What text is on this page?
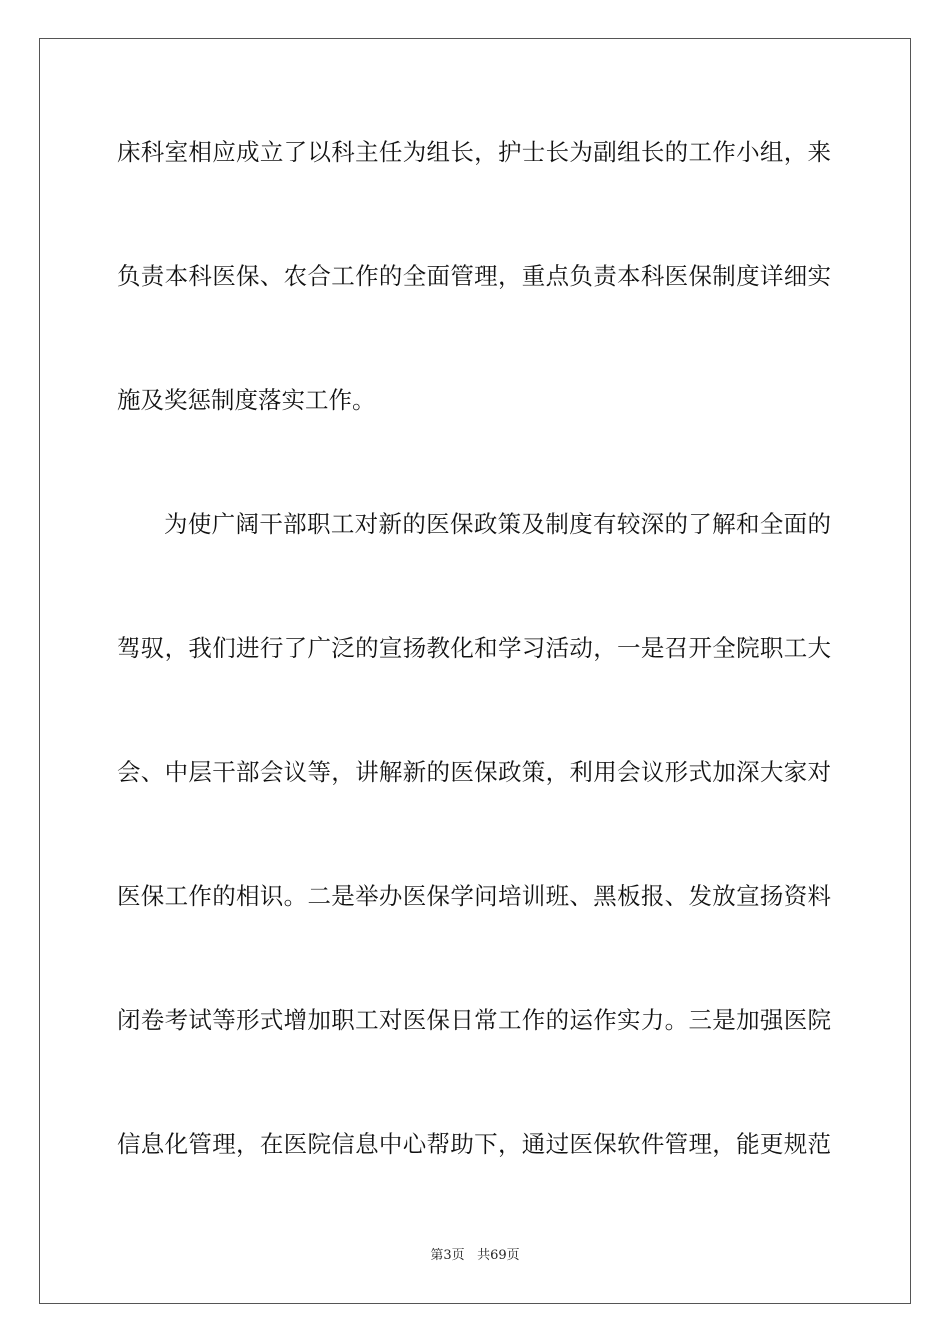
床科室相应成立了以科主任为组长，护士长为副组长的工作小组，来
负责本科医保、农合工作的全面管理，重点负责本科医保制度详细实
施及奖惩制度落实工作。
为使广阔干部职工对新的医保政策及制度有较深的了解和全面的
驾驭，我们进行了广泛的宣扬教化和学习活动，一是召开全院职工大
会、中层干部会议等，讲解新的医保政策，利用会议形式加深大家对
医保工作的相识。二是举办医保学问培训班、黑板报、发放宣扬资料
闭卷考试等形式增加职工对医保日常工作的运作实力。三是加强医院
信息化管理，在医院信息中心帮助下，通过医保软件管理，能更规范
第3页 共69页
